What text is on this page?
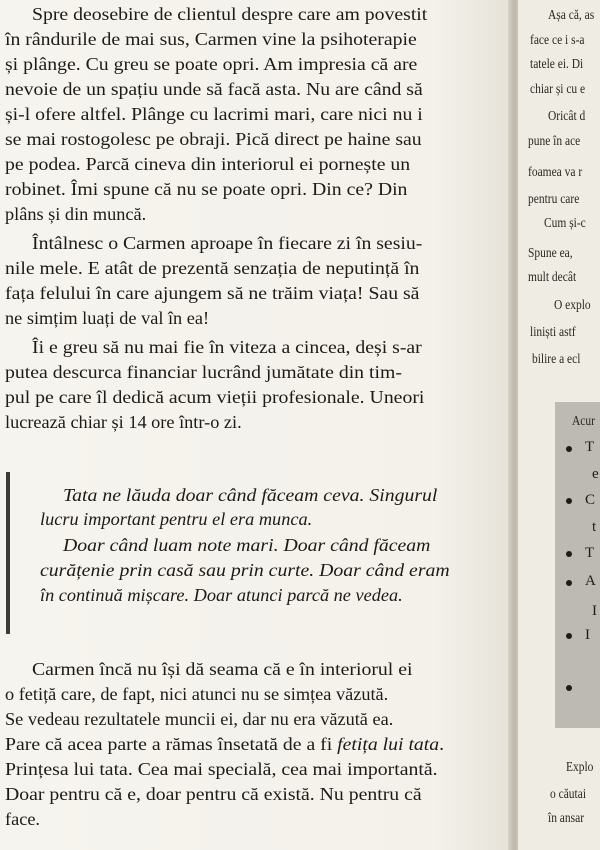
Spre deosebire de clientul despre care am povestit
în rândurile de mai sus, Carmen vine la psihoterapie
și plânge. Cu greu se poate opri. Am impresia că are
nevoie de un spațiu unde să facă asta. Nu are când să
și-l ofere altfel. Plânge cu lacrimi mari, care nici nu i
se mai rostogolesc pe obraji. Pică direct pe haine sau
pe podea. Parcă cineva din interiorul ei pornește un
robinet. Îmi spune că nu se poate opri. Din ce? Din
plâns și din muncă.
Întâlnesc o Carmen aproape în fiecare zi în sesiu-
nile mele. E atât de prezentă senzația de neputință în
fața felului în care ajungem să ne trăim viața! Sau să
ne simțim luați de val în ea!
Îi e greu să nu mai fie în viteza a cincea, deși s-ar
putea descurca financiar lucrând jumătate din tim-
pul pe care îl dedică acum vieții profesionale. Uneori
lucrează chiar și 14 ore într-o zi.
Tata ne lăuda doar când făceam ceva. Singurul
lucru important pentru el era munca.
Doar când luam note mari. Doar când făceam
curățenie prin casă sau prin curte. Doar când eram
în continuă mișcare. Doar atunci parcă ne vedea.
Carmen încă nu își dă seama că e în interiorul ei
o fetiță care, de fapt, nici atunci nu se simțea văzută.
Se vedeau rezultatele muncii ei, dar nu era văzută ea.
Pare că acea parte a rămas însetată de a fi fetița lui tata.
Prințesa lui tata. Cea mai specială, cea mai importantă.
Doar pentru că e, doar pentru că există. Nu pentru că
face.
Așa că, as
face ce i s-a
tatele ei. Di
chiar și cu e
Oricât d
pune în ace
foamea va r
pentru care
Cum și-c
Spune ea,
mult decât
O explo
liniști astf
bilire a ecl
Explo
o căutai
în ansar
Acur
T
e
C
t
T
A
I
I
